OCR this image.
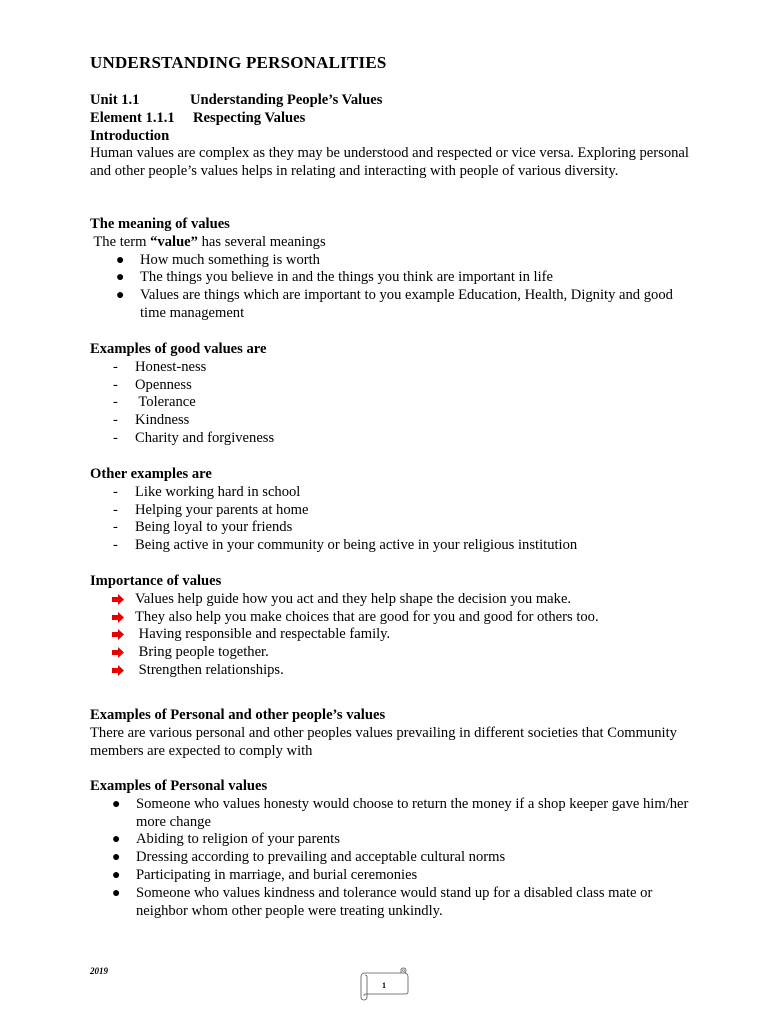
UNDERSTANDING PERSONALITIES
Unit 1.1	Understanding People’s Values
Element 1.1.1 Respecting Values
Introduction

Human values are complex as they may be understood and respected or vice versa. Exploring personal and other people’s values helps in relating and interacting with people of various diversity.

The meaning of values

The term “value” has several meanings

● How much something is worth
● The things you believe in and the things you think are important in life
● Values are things which are important to you example Education, Health, Dignity and good time management

Examples of good values are

- Honest-ness
- Openness
- Tolerance
- Kindness
- Charity and forgiveness

Other examples are

- Like working hard in school
- Helping your parents at home
- Being loyal to your friends
- Being active in your community or being active in your religious institution

Importance of values

Values help guide how you act and they help shape the decision you make.
They also help you make choices that are good for you and good for others too.
Having responsible and respectable family.
Bring people together.
Strengthen relationships.

Examples of Personal and other people’s values

There are various personal and other peoples values prevailing in different societies that Community members are expected to comply with

Examples of Personal values

● Someone who values honesty would choose to return the money if a shop keeper gave him/her more change
● Abiding to religion of your parents
● Dressing according to prevailing and acceptable cultural norms
● Participating in marriage, and burial ceremonies
● Someone who values kindness and tolerance would stand up for a disabled class mate or neighbor whom other people were treating unkindly.
2019
1
